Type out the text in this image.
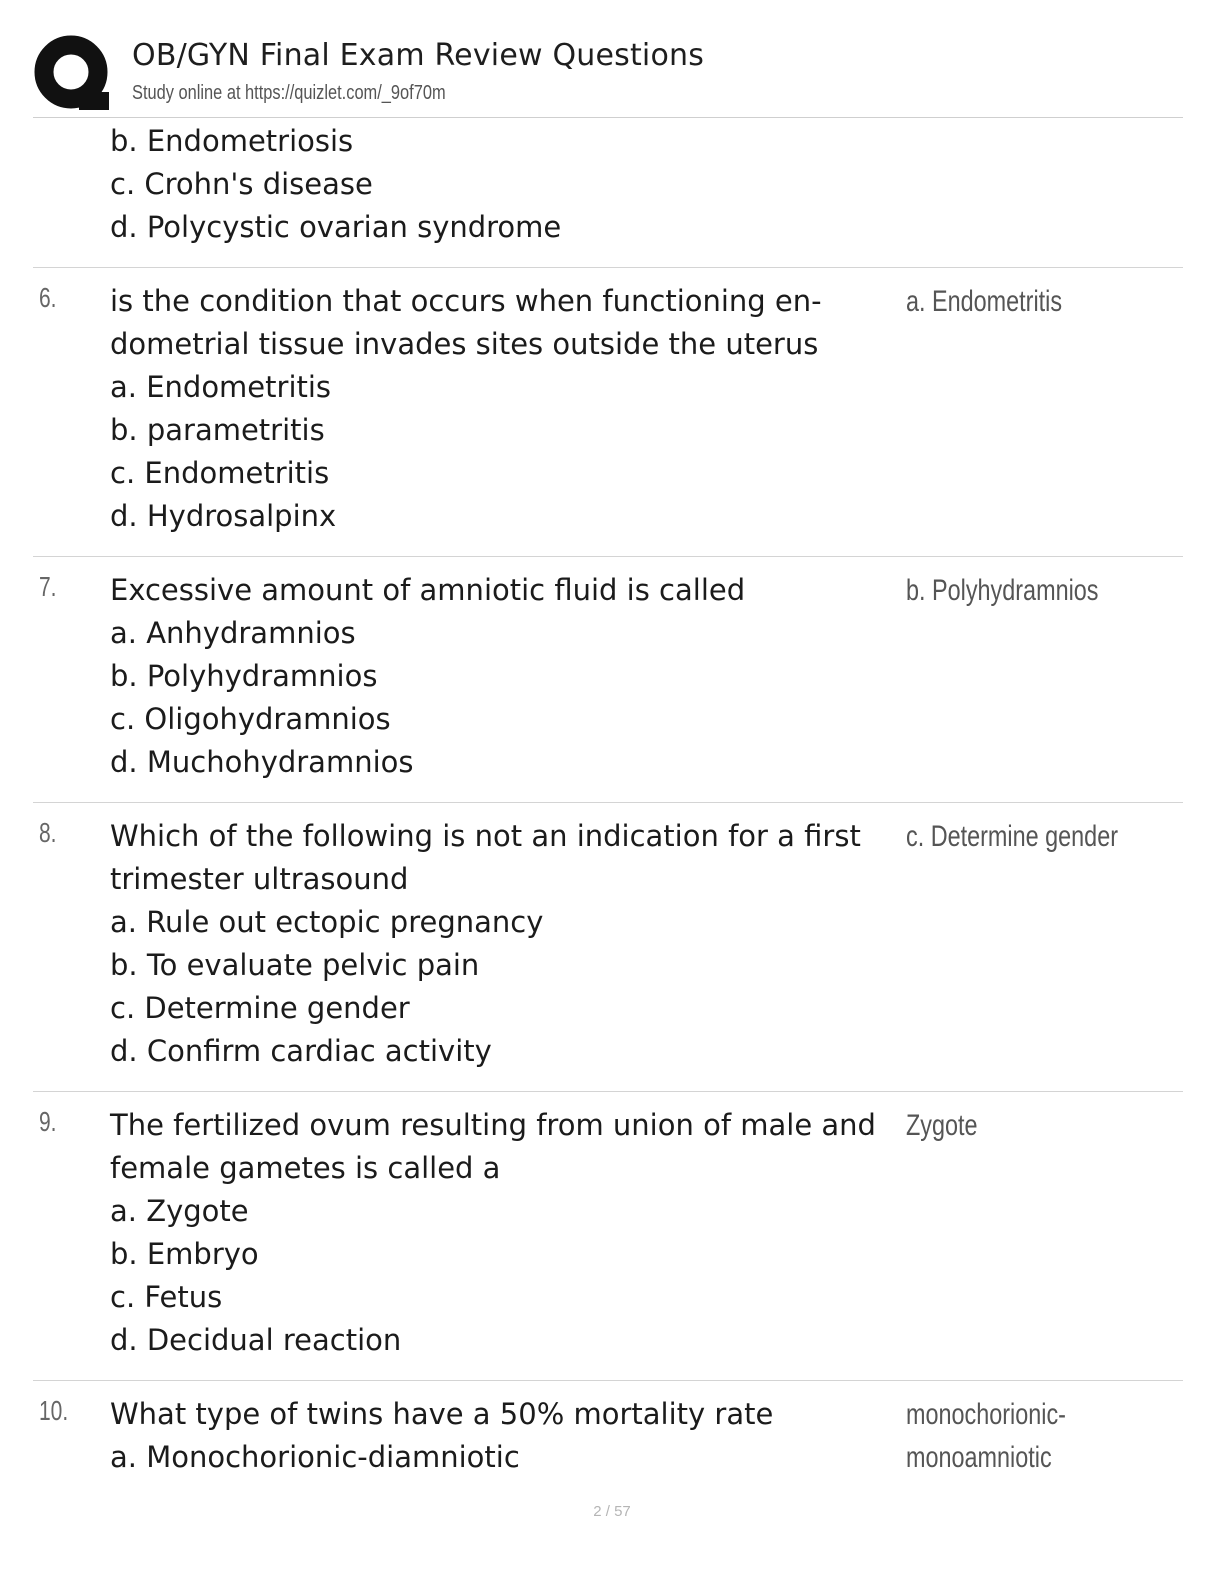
OB/GYN Final Exam Review Questions
Study online at https://quizlet.com/_9of70m
b. Endometriosis
c. Crohn's disease
d. Polycystic ovarian syndrome
6. is the condition that occurs when functioning endometrial tissue invades sites outside the uterus
a. Endometritis
b. parametritis
c. Endometritis
d. Hydrosalpinx
a. Endometritis
7. Excessive amount of amniotic fluid is called
a. Anhydramnios
b. Polyhydramnios
c. Oligohydramnios
d. Muchohydramnios
b. Polyhydramnios
8. Which of the following is not an indication for a first trimester ultrasound
a. Rule out ectopic pregnancy
b. To evaluate pelvic pain
c. Determine gender
d. Confirm cardiac activity
c. Determine gender
9. The fertilized ovum resulting from union of male and female gametes is called a
a. Zygote
b. Embryo
c. Fetus
d. Decidual reaction
Zygote
10. What type of twins have a 50% mortality rate
a. Monochorionic-diamniotic
monochorionic-monoamniotic
2 / 57
